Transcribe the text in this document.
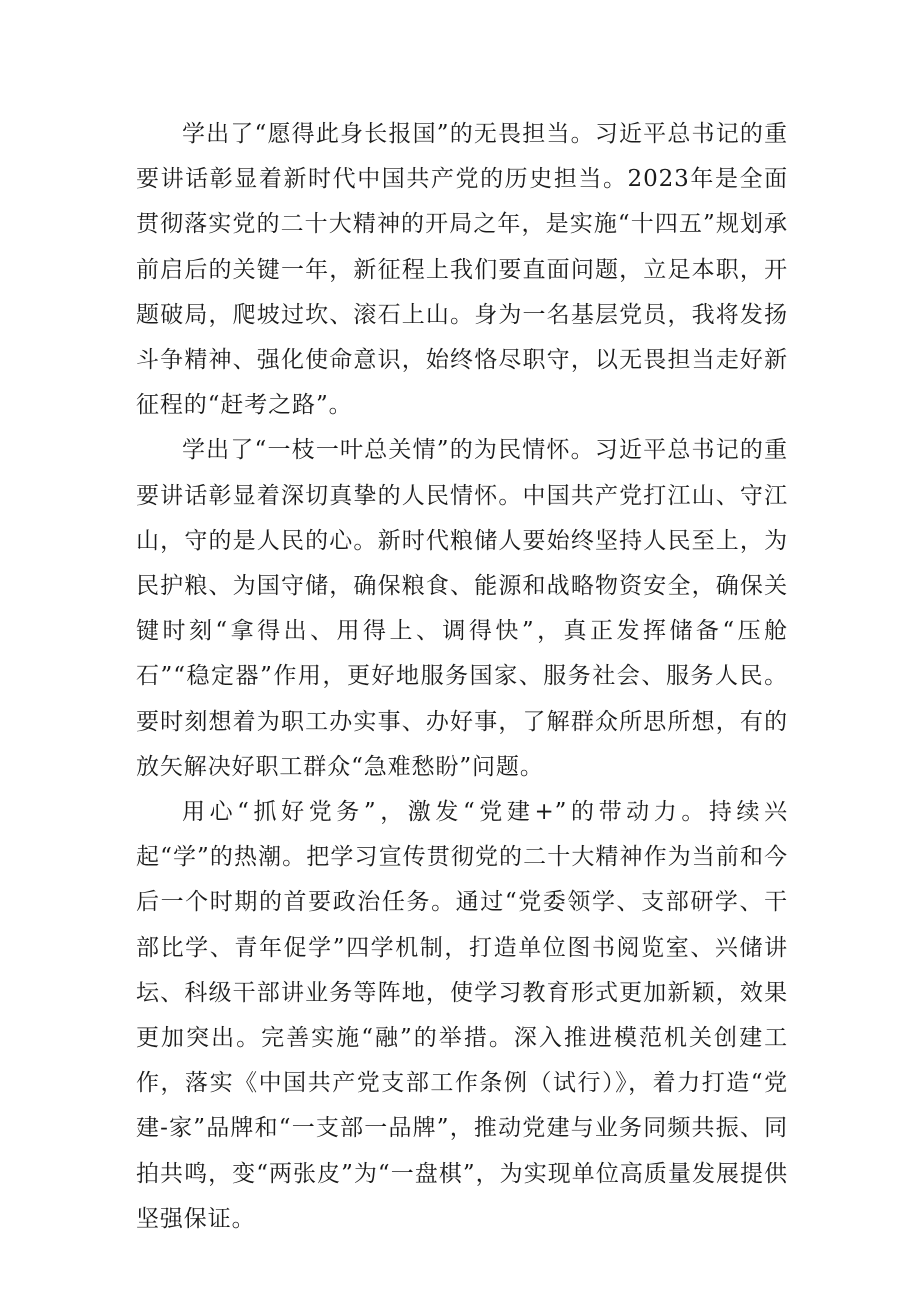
学出了“愿得此身长报国”的无畏担当。习近平总书记的重要讲话彰显着新时代中国共产党的历史担当。2023年是全面贯彻落实党的二十大精神的开局之年，是实施“十四五”规划承前启后的关键一年，新征程上我们要直面问题，立足本职，开题破局，爬坡过坎、滚石上山。身为一名基层党员，我将发扬斗争精神、强化使命意识，始终恪尽职守，以无畏担当走好新征程的“赶考之路”。

学出了“一枝一叶总关情”的为民情怀。习近平总书记的重要讲话彰显着深切真挚的人民情怀。中国共产党打江山、守江山，守的是人民的心。新时代粮储人要始终坚持人民至上，为民护粮、为国守储，确保粮食、能源和战略物资安全，确保关键时刻“拿得出、用得上、调得快”，真正发挥储备“压舱石”“稳定器”作用，更好地服务国家、服务社会、服务人民。要时刻想着为职工办实事、办好事，了解群众所思所想，有的放矢解决好职工群众“急难愁盼”问题。

用心“抓好党务”，激发“党建+”的带动力。持续兴起“学”的热潮。把学习宣传贯彻党的二十大精神作为当前和今后一个时期的首要政治任务。通过“党委领学、支部研学、干部比学、青年促学”四学机制，打造单位图书阅览室、兴储讲坛、科级干部讲业务等阵地，使学习教育形式更加新颖，效果更加突出。完善实施“融”的举措。深入推进模范机关创建工作，落实《中国共产党支部工作条例（试行）》，着力打造“党建-家”品牌和“一支部一品牌”，推动党建与业务同频共振、同拍共鸣，变“两张皮”为“一盘棋”，为实现单位高质量发展提供坚强保证。
